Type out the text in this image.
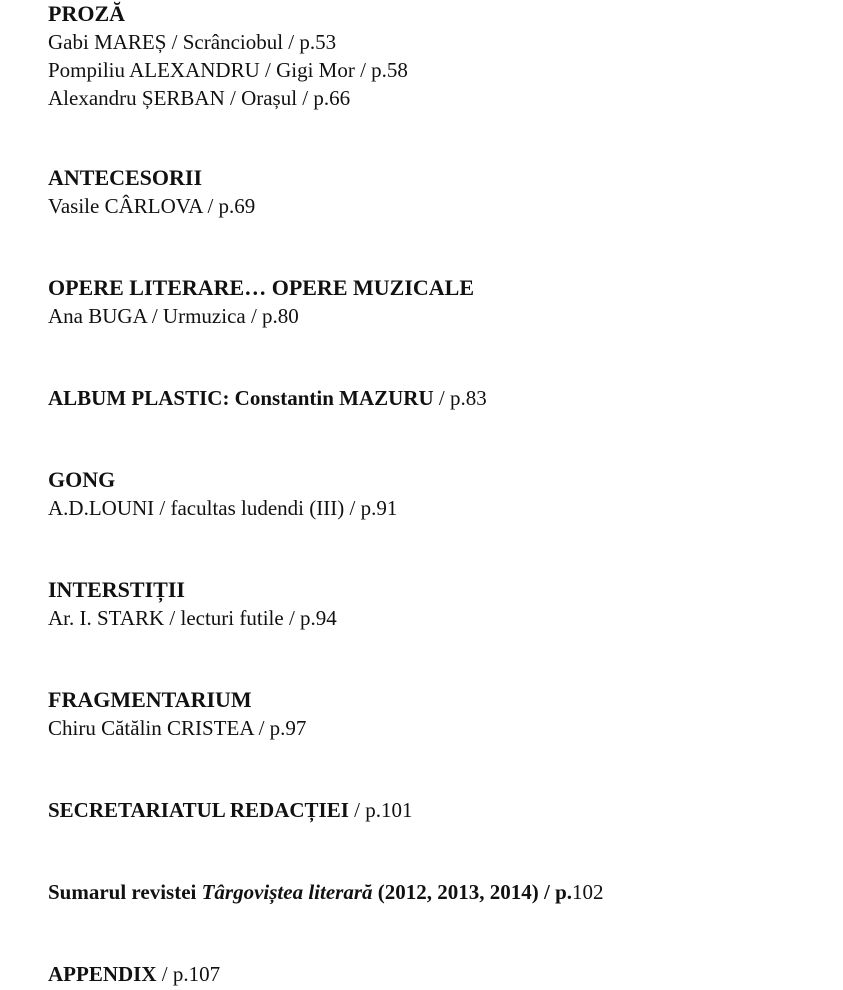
PROZĂ
Gabi MAREȘ / Scrânciobul / p.53
Pompiliu ALEXANDRU / Gigi Mor / p.58
Alexandru ȘERBAN / Orașul / p.66
ANTECESORII
Vasile CÂRLOVA / p.69
OPERE LITERARE… OPERE MUZICALE
Ana BUGA / Urmuzica / p.80
ALBUM PLASTIC: Constantin MAZURU / p.83
GONG
A.D.LOUNI / facultas ludendi (III) / p.91
INTERSTIȚII
Ar. I. STARK / lecturi futile / p.94
FRAGMENTARIUM
Chiru Cătălin CRISTEA / p.97
SECRETARIATUL REDACȚIEI / p.101
Sumarul revistei Târgoviștea literară (2012, 2013, 2014) / p.102
APPENDIX / p.107
